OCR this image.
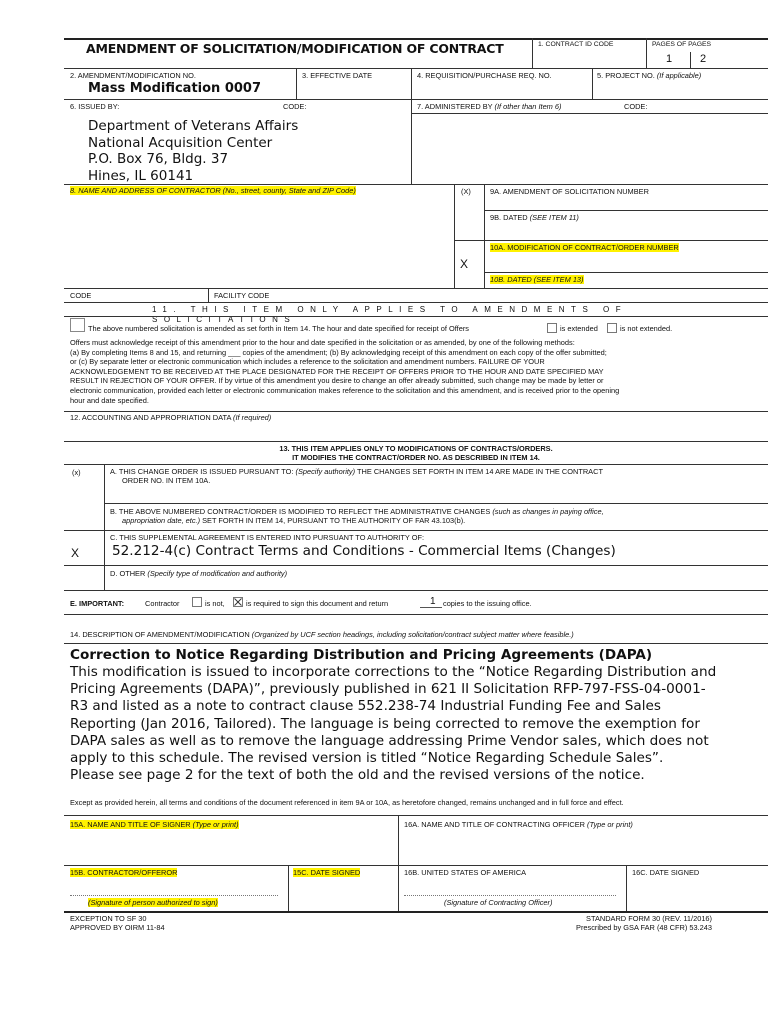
AMENDMENT OF SOLICITATION/MODIFICATION OF CONTRACT	1. CONTRACT ID CODE	PAGES OF PAGES
1	2
2. AMENDMENT/MODIFICATION NO.
Mass Modification 0007
3. EFFECTIVE DATE	4. REQUISITION/PURCHASE REQ. NO.	5. PROJECT NO. (If applicable)
6. ISSUED BY:	CODE:	7. ADMINISTERED BY (If other than Item 6)	CODE:
Department of Veterans Affairs
National Acquisition Center
P.O. Box 76, Bldg. 37
Hines, IL 60141
8. NAME AND ADDRESS OF CONTRACTOR (No., street, county, State and ZIP Code)	(X)	9A. AMENDMENT OF SOLICITATION NUMBER
9B. DATED (SEE ITEM 11)
10A. MODIFICATION OF CONTRACT/ORDER NUMBER
X
10B. DATED (SEE ITEM 13)
CODE	FACILITY CODE
11. THIS ITEM ONLY APPLIES TO AMENDMENTS OF SOLICITATIONS
The above numbered solicitation is amended as set forth in Item 14. The hour and date specified for receipt of Offers	is extended	is not extended.
Offers must acknowledge receipt of this amendment prior to the hour and date specified in the solicitation or as amended, by one of the following methods:
(a) By completing Items 8 and 15, and returning ___ copies of the amendment; (b) By acknowledging receipt of this amendment on each copy of the offer submitted;
or (c) By separate letter or electronic communication which includes a reference to the solicitation and amendment numbers. FAILURE OF YOUR
ACKNOWLEDGEMENT TO BE RECEIVED AT THE PLACE DESIGNATED FOR THE RECEIPT OF OFFERS PRIOR TO THE HOUR AND DATE SPECIFIED MAY
RESULT IN REJECTION OF YOUR OFFER. If by virtue of this amendment you desire to change an offer already submitted, such change may be made by letter or
electronic communication, provided each letter or electronic communication makes reference to the solicitation and this amendment, and is received prior to the opening
hour and date specified.
12. ACCOUNTING AND APPROPRIATION DATA (If required)
13. THIS ITEM APPLIES ONLY TO MODIFICATIONS OF CONTRACTS/ORDERS.
IT MODIFIES THE CONTRACT/ORDER NO. AS DESCRIBED IN ITEM 14.
(x)	A. THIS CHANGE ORDER IS ISSUED PURSUANT TO: (Specify authority) THE CHANGES SET FORTH IN ITEM 14 ARE MADE IN THE CONTRACT
ORDER NO. IN ITEM 10A.
B. THE ABOVE NUMBERED CONTRACT/ORDER IS MODIFIED TO REFLECT THE ADMINISTRATIVE CHANGES (such as changes in paying office,
appropriation date, etc.) SET FORTH IN ITEM 14, PURSUANT TO THE AUTHORITY OF FAR 43.103(b).
C. THIS SUPPLEMENTAL AGREEMENT IS ENTERED INTO PURSUANT TO AUTHORITY OF:
X 52.212-4(c) Contract Terms and Conditions - Commercial Items (Changes)
D. OTHER (Specify type of modification and authority)
E. IMPORTANT:	Contractor	is not,	is required to sign this document and return	1 copies to the issuing office.
14. DESCRIPTION OF AMENDMENT/MODIFICATION (Organized by UCF section headings, including solicitation/contract subject matter where feasible.)
Correction to Notice Regarding Distribution and Pricing Agreements (DAPA)
This modification is issued to incorporate corrections to the “Notice Regarding Distribution and
Pricing Agreements (DAPA)”, previously published in 621 II Solicitation RFP-797-FSS-04-0001-
R3 and listed as a note to contract clause 552.238-74 Industrial Funding Fee and Sales
Reporting (Jan 2016, Tailored). The language is being corrected to remove the exemption for
DAPA sales as well as to remove the language addressing Prime Vendor sales, which does not
apply to this schedule. The revised version is titled “Notice Regarding Schedule Sales”.
Please see page 2 for the text of both the old and the revised versions of the notice.
Except as provided herein, all terms and conditions of the document referenced in item 9A or 10A, as heretofore changed, remains unchanged and in full force and effect.
15A. NAME AND TITLE OF SIGNER (Type or print)	16A. NAME AND TITLE OF CONTRACTING OFFICER (Type or print)
15B. CONTRACTOR/OFFEROR	15C. DATE SIGNED	16B. UNITED STATES OF AMERICA	16C. DATE SIGNED
(Signature of person authorized to sign)	(Signature of Contracting Officer)
EXCEPTION TO SF 30
APPROVED BY OIRM 11-84
STANDARD FORM 30 (REV. 11/2016)
Prescribed by GSA FAR (48 CFR) 53.243
